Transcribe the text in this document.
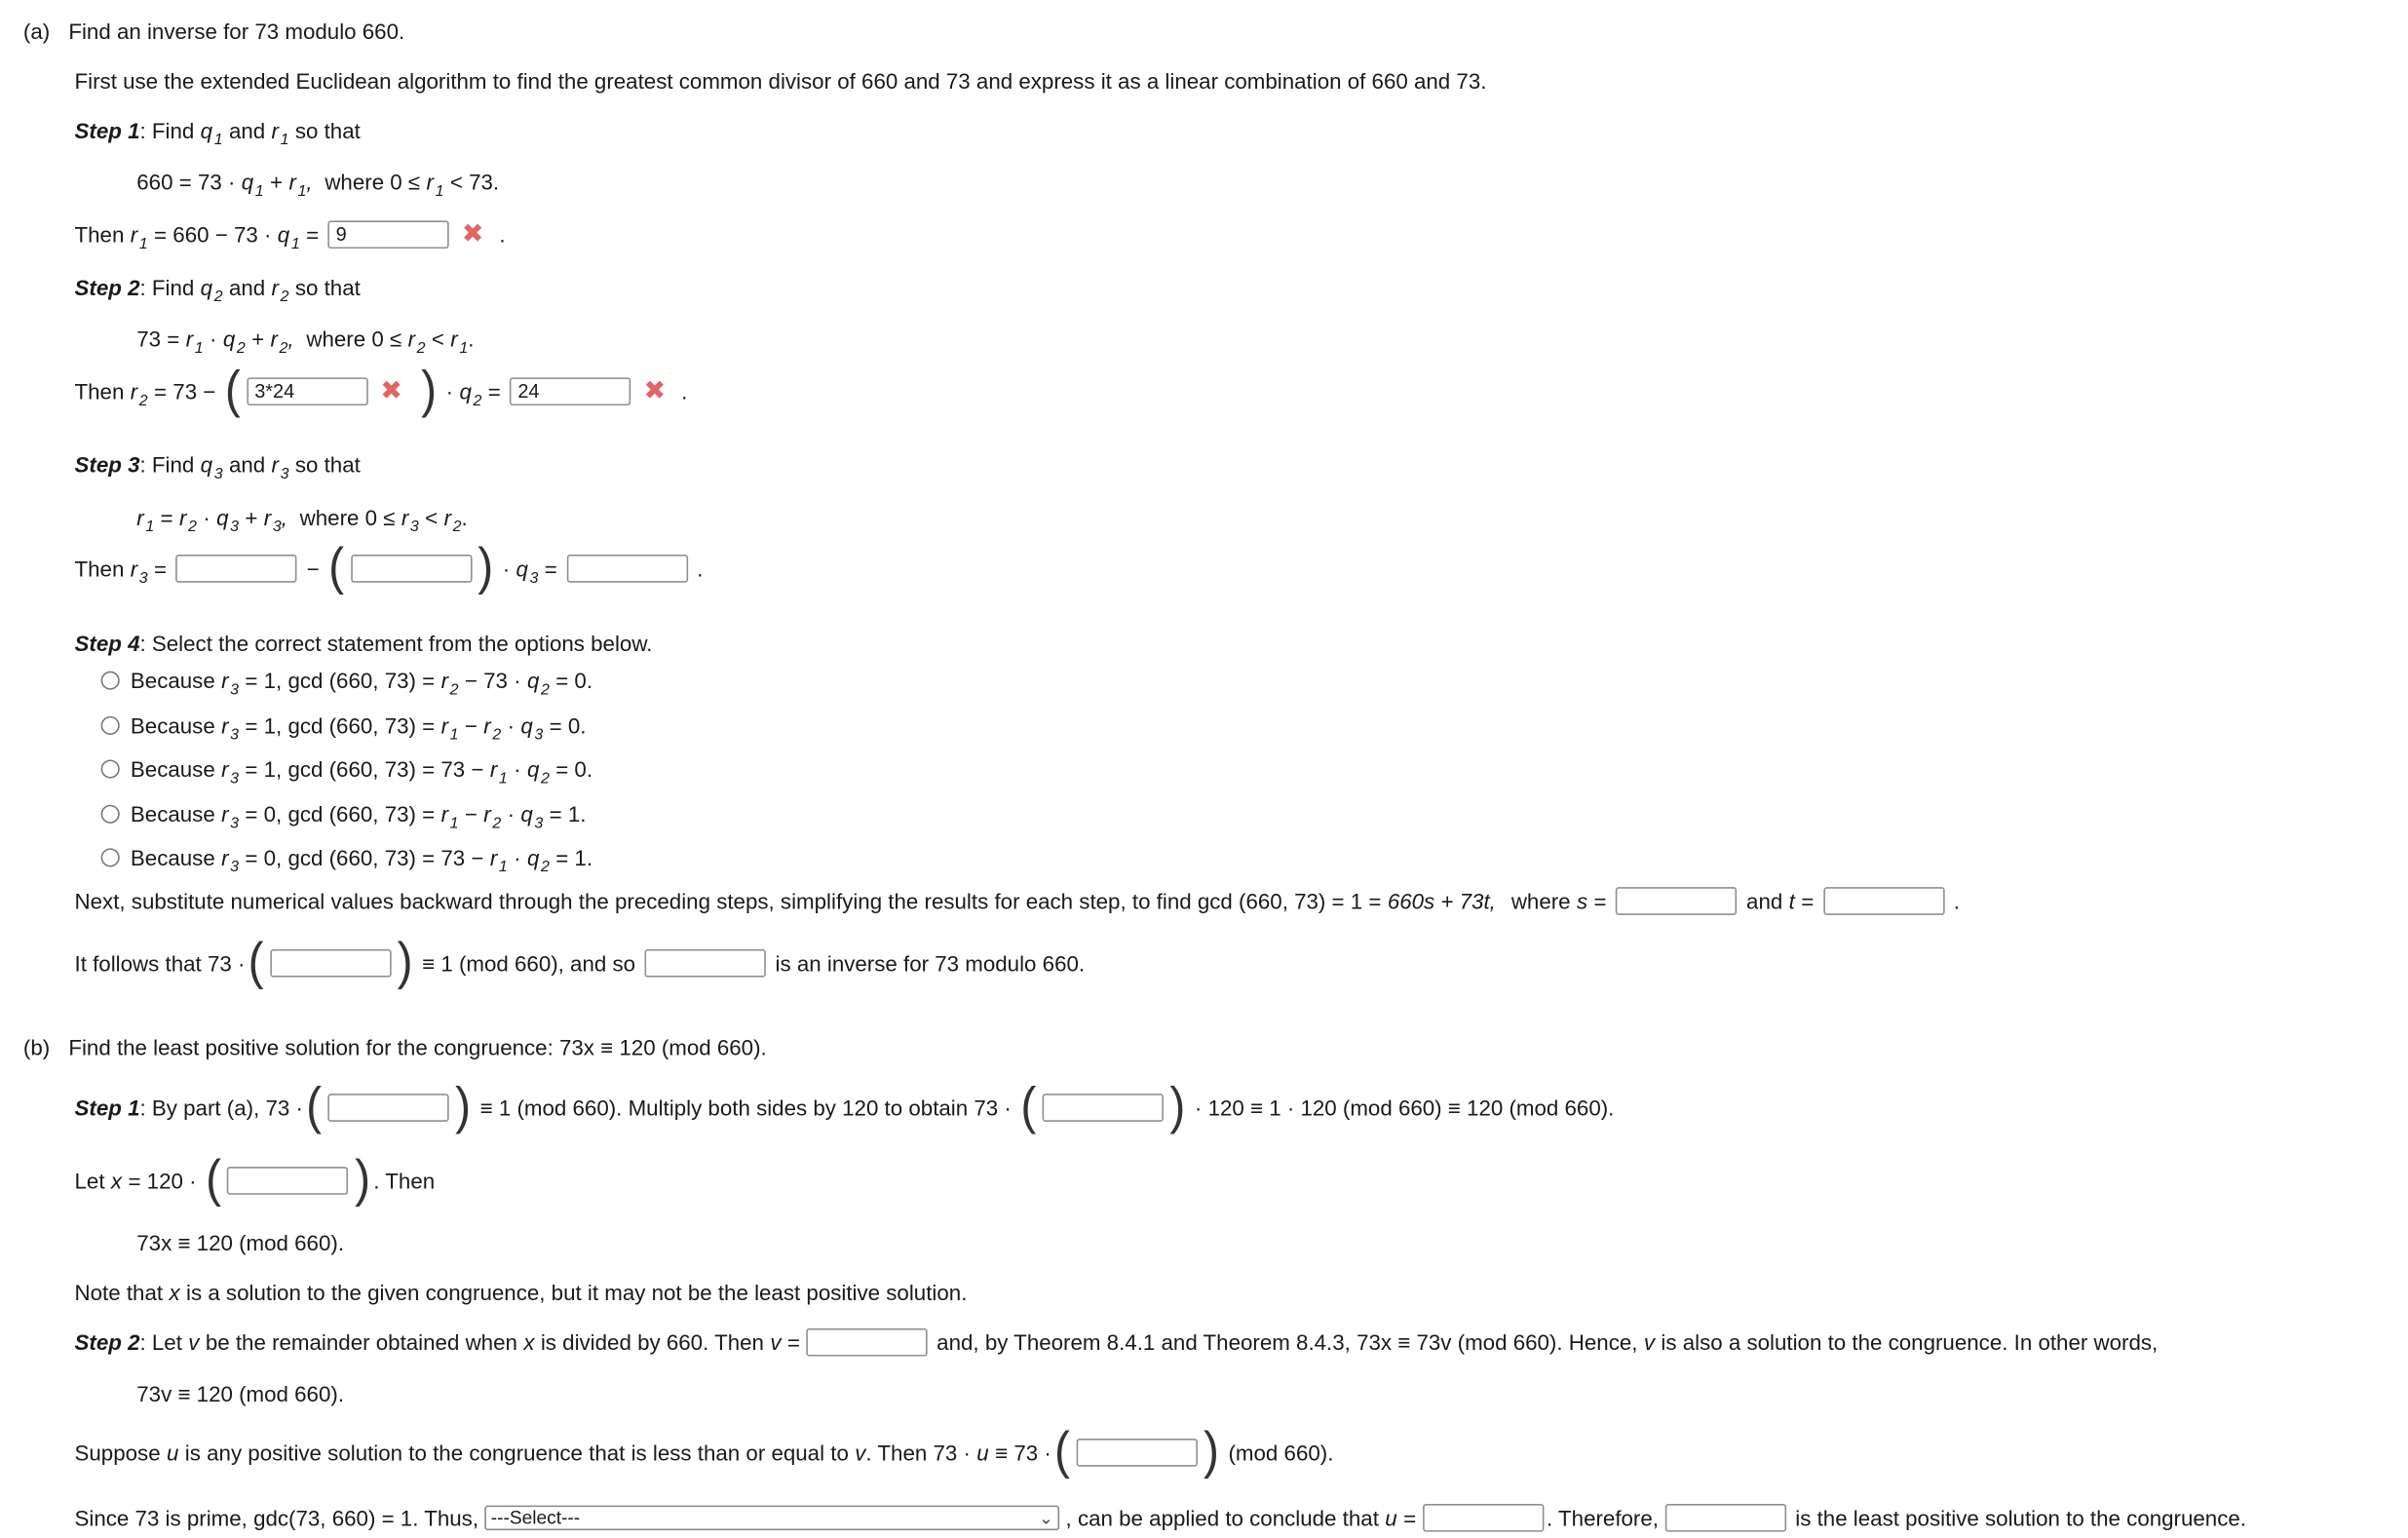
(a) Find an inverse for 73 modulo 660.
First use the extended Euclidean algorithm to find the greatest common divisor of 660 and 73 and express it as a linear combination of 660 and 73.
Step 1 : Find q $_1$ and r $_1$ so that
660 = 73 · q $_1$ + r $_1$, where 0 ≤ r $_1$ < 73.
Then r $_1$ = 660 − 73 · q $_1$ =	9	✖ .
Step 2 : Find q $_2$ and r $_2$ so that
73 = r $_1$ · q $_2$ + r $_2$, where 0 ≤ r $_2$ < r $_1$ .
Then r $_2$ = 73 − (	3*24	✖ ) · q $_2$ =	24	✖ .
Step 3 : Find q $_3$ and r $_3$ so that
r $_1$ = r $_2$ · q $_3$ + r $_3$, where 0 ≤ r $_3$ < r $_2$ .
Then r $_3$ =	− (	) · q $_3$ =	.
Step 4 : Select the correct statement from the options below.
Because r $_3$ = 1, gcd (660, 73) = r $_2$ − 73 · q $_2$ = 0.
Because r $_3$ = 1, gcd (660, 73) = r $_1$ − r $_2$ · q $_3$ = 0.
Because r $_3$ = 1, gcd (660, 73) = 73 − r $_1$ · q $_2$ = 0.
Because r $_3$ = 0, gcd (660, 73) = r $_1$ − r $_2$ · q $_3$ = 1.
Because r $_3$ = 0, gcd (660, 73) = 73 − r $_1$ · q $_2$ = 1.
Next, substitute numerical values backward through the preceding steps, simplifying the results for each step, to find gcd (660, 73) = 1 = 660s + 73t, where s =	and t =	.
It follows that 73 · (	) ≡ 1 (mod 660), and so	is an inverse for 73 modulo 660.
(b) Find the least positive solution for the congruence: 73x ≡ 120 (mod 660).
Step 1 : By part (a), 73 · (	) ≡ 1 (mod 660). Multiply both sides by 120 to obtain 73 · (	) · 120 ≡ 1 · 120 (mod 660) ≡ 120 (mod 660).
Let x = 120 · (	) . Then
73x ≡ 120 (mod 660).
Note that x is a solution to the given congruence, but it may not be the least positive solution.
Step 2 : Let v be the remainder obtained when x is divided by 660. Then v =	and, by Theorem 8.4.1 and Theorem 8.4.3, 73x ≡ 73v (mod 660). Hence, v is also a solution to the congruence. In other words,
73v ≡ 120 (mod 660).
Suppose u is any positive solution to the congruence that is less than or equal to v . Then 73 · u ≡ 73 · (	) (mod 660).
Since 73 is prime, gdc(73, 660) = 1. Thus, ---Select---	⌄ , can be applied to conclude that u =	. Therefore,	is the least positive solution to the congruence.
